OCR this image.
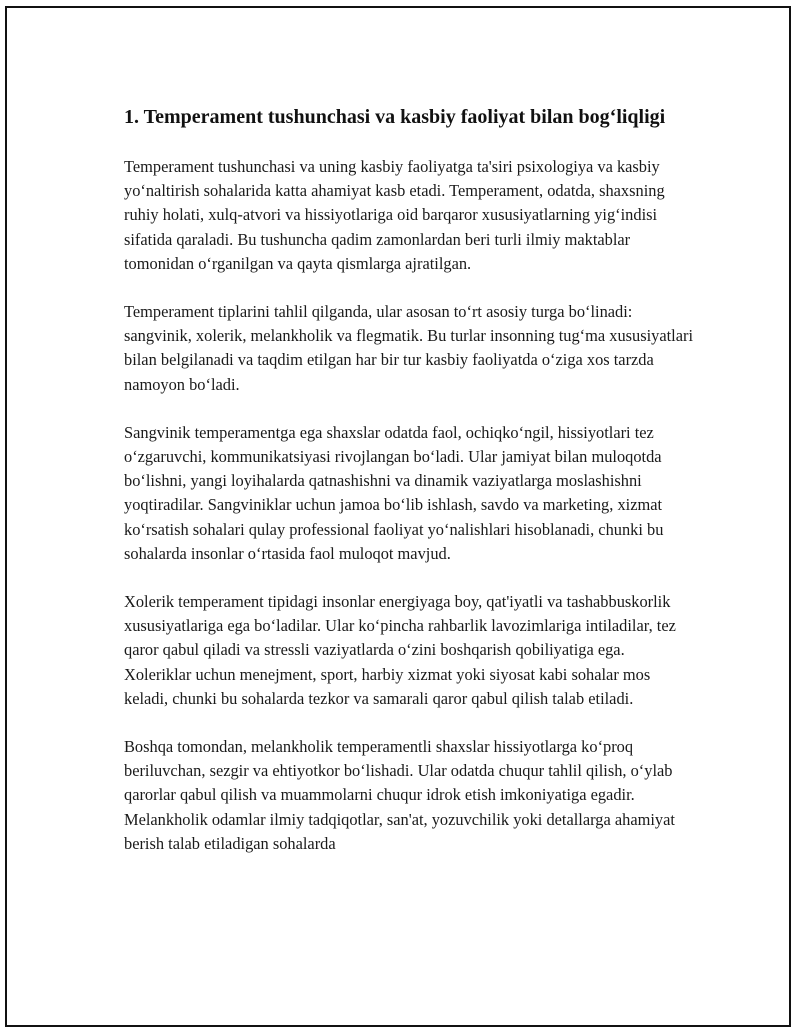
1. Temperament tushunchasi va kasbiy faoliyat bilan bog‘liqligi

Temperament tushunchasi va uning kasbiy faoliyatga ta'siri psixologiya va kasbiy yo‘naltirish sohalarida katta ahamiyat kasb etadi. Temperament, odatda, shaxsning ruhiy holati, xulq-atvori va hissiyotlariga oid barqaror xususiyatlarning yig‘indisi sifatida qaraladi. Bu tushuncha qadim zamonlardan beri turli ilmiy maktablar tomonidan o‘rganilgan va qayta qismlarga ajratilgan.

Temperament tiplarini tahlil qilganda, ular asosan to‘rt asosiy turga bo‘linadi: sangvinik, xolerik, melankholik va flegmatik. Bu turlar insonning tug‘ma xususiyatlari bilan belgilanadi va taqdim etilgan har bir tur kasbiy faoliyatda o‘ziga xos tarzda namoyon bo‘ladi.

Sangvinik temperamentga ega shaxslar odatda faol, ochiqko‘ngil, hissiyotlari tez o‘zgaruvchi, kommunikatsiyasi rivojlangan bo‘ladi. Ular jamiyat bilan muloqotda bo‘lishni, yangi loyihalarda qatnashishni va dinamik vaziyatlarga moslashishni yoqtiradilar. Sangviniklar uchun jamoa bo‘lib ishlash, savdo va marketing, xizmat ko‘rsatish sohalari qulay professional faoliyat yo‘nalishlari hisoblanadi, chunki bu sohalarda insonlar o‘rtasida faol muloqot mavjud.

Xolerik temperament tipidagi insonlar energiyaga boy, qat'iyatli va tashabbuskorlik xususiyatlariga ega bo‘ladilar. Ular ko‘pincha rahbarlik lavozimlariga intiladilar, tez qaror qabul qiladi va stressli vaziyatlarda o‘zini boshqarish qobiliyatiga ega. Xoleriklar uchun menejment, sport, harbiy xizmat yoki siyosat kabi sohalar mos keladi, chunki bu sohalarda tezkor va samarali qaror qabul qilish talab etiladi.

Boshqa tomondan, melankholik temperamentli shaxslar hissiyotlarga ko‘proq beriluvchan, sezgir va ehtiyotkor bo‘lishadi. Ular odatda chuqur tahlil qilish, o‘ylab qarorlar qabul qilish va muammolarni chuqur idrok etish imkoniyatiga egadir. Melankholik odamlar ilmiy tadqiqotlar, san'at, yozuvchilik yoki detallarga ahamiyat berish talab etiladigan sohalarda
